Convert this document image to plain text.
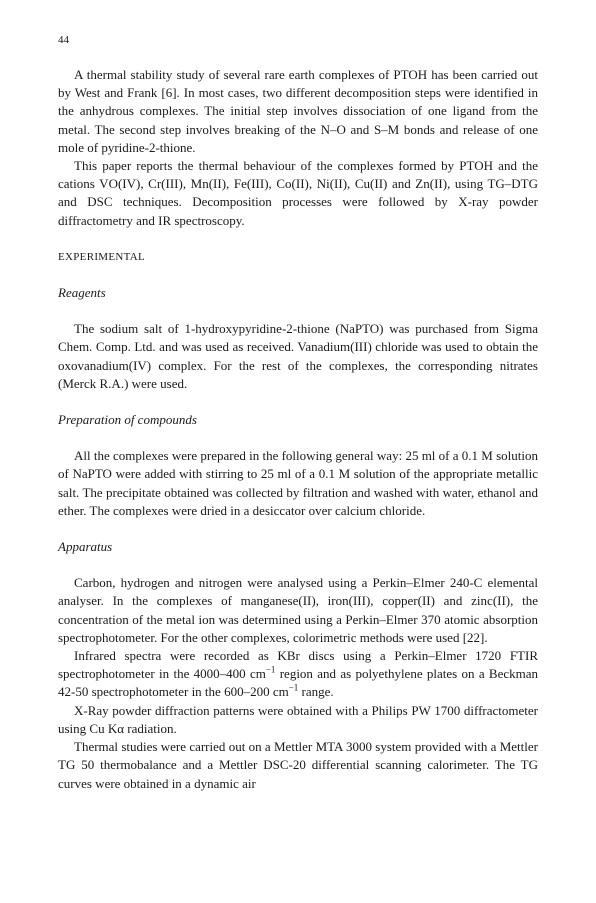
44

A thermal stability study of several rare earth complexes of PTOH has been carried out by West and Frank [6]. In most cases, two different decomposition steps were identified in the anhydrous complexes. The initial step involves dissociation of one ligand from the metal. The second step involves breaking of the N–O and S–M bonds and release of one mole of pyridine-2-thione.

This paper reports the thermal behaviour of the complexes formed by PTOH and the cations VO(IV), Cr(III), Mn(II), Fe(III), Co(II), Ni(II), Cu(II) and Zn(II), using TG–DTG and DSC techniques. Decomposition processes were followed by X-ray powder diffractometry and IR spectroscopy.

EXPERIMENTAL
Reagents

The sodium salt of 1-hydroxypyridine-2-thione (NaPTO) was purchased from Sigma Chem. Comp. Ltd. and was used as received. Vanadium(III) chloride was used to obtain the oxovanadium(IV) complex. For the rest of the complexes, the corresponding nitrates (Merck R.A.) were used.

Preparation of compounds

All the complexes were prepared in the following general way: 25 ml of a 0.1 M solution of NaPTO were added with stirring to 25 ml of a 0.1 M solution of the appropriate metallic salt. The precipitate obtained was collected by filtration and washed with water, ethanol and ether. The complexes were dried in a desiccator over calcium chloride.

Apparatus

Carbon, hydrogen and nitrogen were analysed using a Perkin–Elmer 240-C elemental analyser. In the complexes of manganese(II), iron(III), copper(II) and zinc(II), the concentration of the metal ion was determined using a Perkin–Elmer 370 atomic absorption spectrophotometer. For the other complexes, colorimetric methods were used [22].

Infrared spectra were recorded as KBr discs using a Perkin–Elmer 1720 FTIR spectrophotometer in the 4000–400 $cm^{-1}$ region and as polyethylene plates on a Beckman 42-50 spectrophotometer in the 600–200 $cm^{-1}$ range.

X-Ray powder diffraction patterns were obtained with a Philips PW 1700 diffractometer using Cu Kα radiation.

Thermal studies were carried out on a Mettler MTA 3000 system provided with a Mettler TG 50 thermobalance and a Mettler DSC-20 differential scanning calorimeter. The TG curves were obtained in a dynamic air
